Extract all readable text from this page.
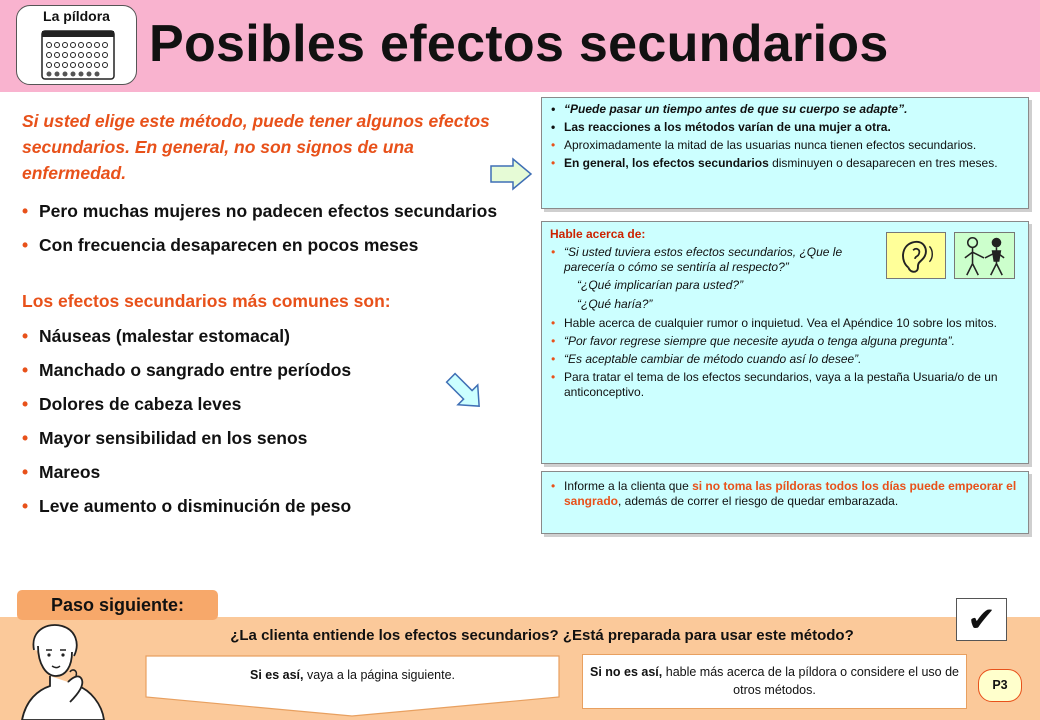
La píldora Posibles efectos secundarios

Si usted elige este método, puede tener algunos efectos secundarios. En general, no son signos de una enfermedad.

• Pero muchas mujeres no padecen efectos secundarios
• Con frecuencia desaparecen en pocos meses
Los efectos secundarios más comunes son:
• Náuseas (malestar estomacal)
• Manchado o sangrado entre períodos
• Dolores de cabeza leves
• Mayor sensibilidad en los senos
• Mareos
• Leve aumento o disminución de peso
• “Puede pasar un tiempo antes de que su cuerpo se adapte”.
• Las reacciones a los métodos varían de una mujer a otra.
• Aproximadamente la mitad de las usuarias nunca tienen efectos secundarios.
• En general, los efectos secundarios disminuyen o desaparecen en tres meses.
Hable acerca de:
• “Si usted tuviera estos efectos secundarios, ¿Que le parecería o cómo se sentiría al respecto?”
“¿Qué implicarían para usted?”
“¿Qué haría?”
• Hable acerca de cualquier rumor o inquietud. Vea el Apéndice 10 sobre los mitos.
• “Por favor regrese siempre que necesite ayuda o tenga alguna pregunta”.
• “Es aceptable cambiar de método cuando así lo desee”.
• Para tratar el tema de los efectos secundarios, vaya a la pestaña Usuaria/o de un anticonceptivo.
• Informe a la clienta que si no toma las píldoras todos los días puede empeorar el sangrado, además de correr el riesgo de quedar embarazada.
Paso siguiente:	✔
¿La clienta entiende los efectos secundarios? ¿Está preparada para usar este método?
Si es así, vaya a la página siguiente.	Si no es así, hable más acerca de la píldora o considere el uso de otros métodos.	P3
